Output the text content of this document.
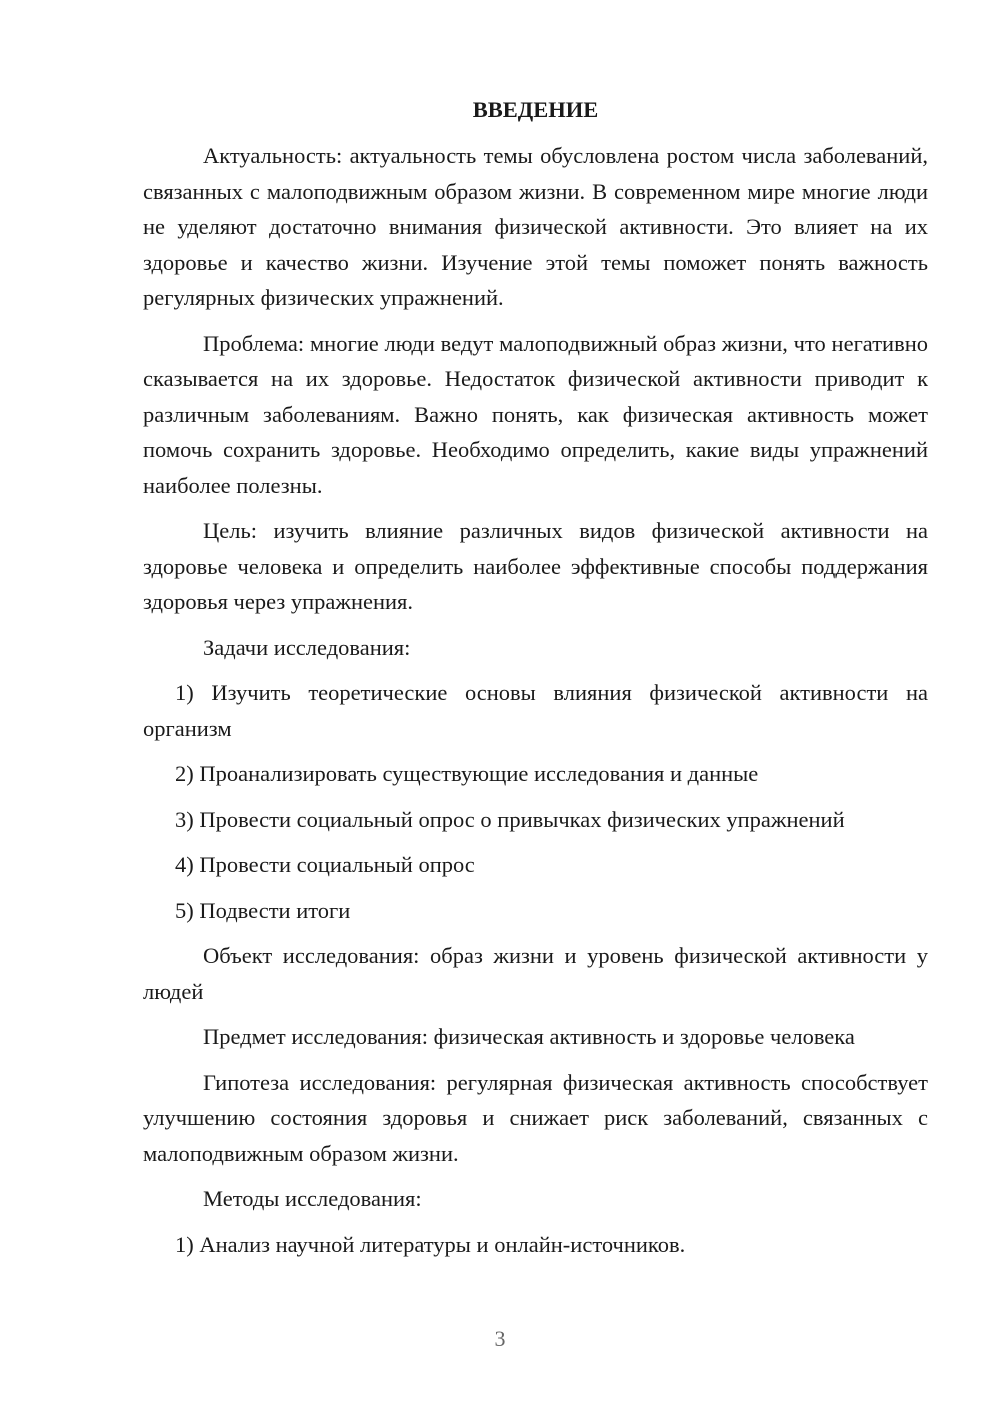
ВВЕДЕНИЕ

Актуальность: актуальность темы обусловлена ростом числа заболеваний, связанных с малоподвижным образом жизни. В современном мире многие люди не уделяют достаточно внимания физической активности. Это влияет на их здоровье и качество жизни. Изучение этой темы поможет понять важность регулярных физических упражнений.

Проблема: многие люди ведут малоподвижный образ жизни, что негативно сказывается на их здоровье. Недостаток физической активности приводит к различным заболеваниям. Важно понять, как физическая активность может помочь сохранить здоровье. Необходимо определить, какие виды упражнений наиболее полезны.

Цель: изучить влияние различных видов физической активности на здоровье человека и определить наиболее эффективные способы поддержания здоровья через упражнения.

Задачи исследования:

1) Изучить теоретические основы влияния физической активности на организм

2) Проанализировать существующие исследования и данные

3) Провести социальный опрос о привычках физических упражнений

4) Провести социальный опрос

5) Подвести итоги

Объект исследования: образ жизни и уровень физической активности у людей

Предмет исследования: физическая активность и здоровье человека

Гипотеза исследования: регулярная физическая активность способствует улучшению состояния здоровья и снижает риск заболеваний, связанных с малоподвижным образом жизни.

Методы исследования:

1) Анализ научной литературы и онлайн-источников.

3
